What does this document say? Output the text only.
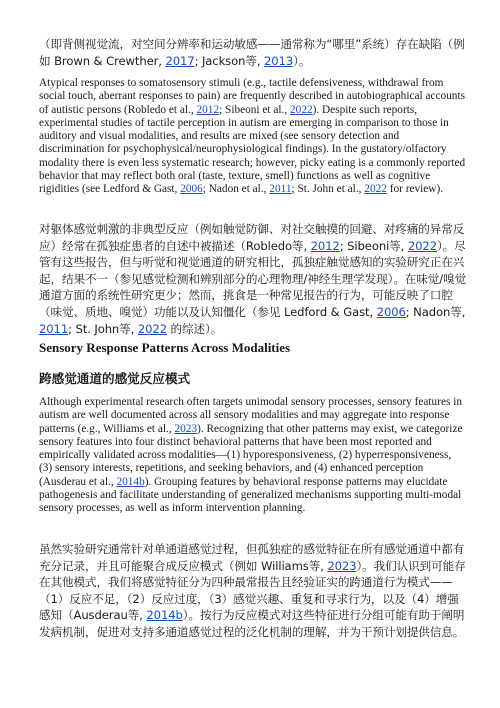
（即背侧视觉流，对空间分辨率和运动敏感——通常称为“哪里”系统）存在缺陷（例如 Brown & Crewther, 2017; Jackson等, 2013）。

Atypical responses to somatosensory stimuli (e.g., tactile defensiveness, withdrawal from social touch, aberrant responses to pain) are frequently described in autobiographical accounts of autistic persons (Robledo et al., 2012; Sibeoni et al., 2022). Despite such reports, experimental studies of tactile perception in autism are emerging in comparison to those in auditory and visual modalities, and results are mixed (see sensory detection and discrimination for psychophysical/neurophysiological findings). In the gustatory/olfactory modality there is even less systematic research; however, picky eating is a commonly reported behavior that may reflect both oral (taste, texture, smell) functions as well as cognitive rigidities (see Ledford & Gast, 2006; Nadon et al., 2011; St. John et al., 2022 for review).

对躯体感觉刺激的非典型反应（例如触觉防御、对社交触摸的回避、对疼痛的异常反应）经常在孤独症患者的自述中被描述（Robledo等, 2012; Sibeoni等, 2022）。尽管有这些报告，但与听觉和视觉通道的研究相比，孤独症触觉感知的实验研究正在兴起，结果不一（参见感觉检测和辨别部分的心理物理/神经生理学发现）。在味觉/嗅觉通道方面的系统性研究更少；然而，挑食是一种常见报告的行为，可能反映了口腔（味觉、质地、嗅觉）功能以及认知僵化（参见 Ledford & Gast, 2006; Nadon等, 2011; St. John等, 2022 的综述）。

Sensory Response Patterns Across Modalities
跨感觉通道的感觉反应模式

Although experimental research often targets unimodal sensory processes, sensory features in autism are well documented across all sensory modalities and may aggregate into response patterns (e.g., Williams et al., 2023). Recognizing that other patterns may exist, we categorize sensory features into four distinct behavioral patterns that have been most reported and empirically validated across modalities—(1) hyporesponsiveness, (2) hyperresponsiveness, (3) sensory interests, repetitions, and seeking behaviors, and (4) enhanced perception (Ausderau et al., 2014b). Grouping features by behavioral response patterns may elucidate pathogenesis and facilitate understanding of generalized mechanisms supporting multi-modal sensory processes, as well as inform intervention planning.

虽然实验研究通常针对单通道感觉过程，但孤独症的感觉特征在所有感觉通道中都有充分记录，并且可能聚合成反应模式（例如 Williams等, 2023）。我们认识到可能存在其他模式，我们将感觉特征分为四种最常报告且经验证实的跨通道行为模式——（1）反应不足，（2）反应过度，（3）感觉兴趣、重复和寻求行为，以及（4）增强感知（Ausderau等, 2014b）。按行为反应模式对这些特征进行分组可能有助于阐明发病机制，促进对支持多通道感觉过程的泛化机制的理解，并为干预计划提供信息。
